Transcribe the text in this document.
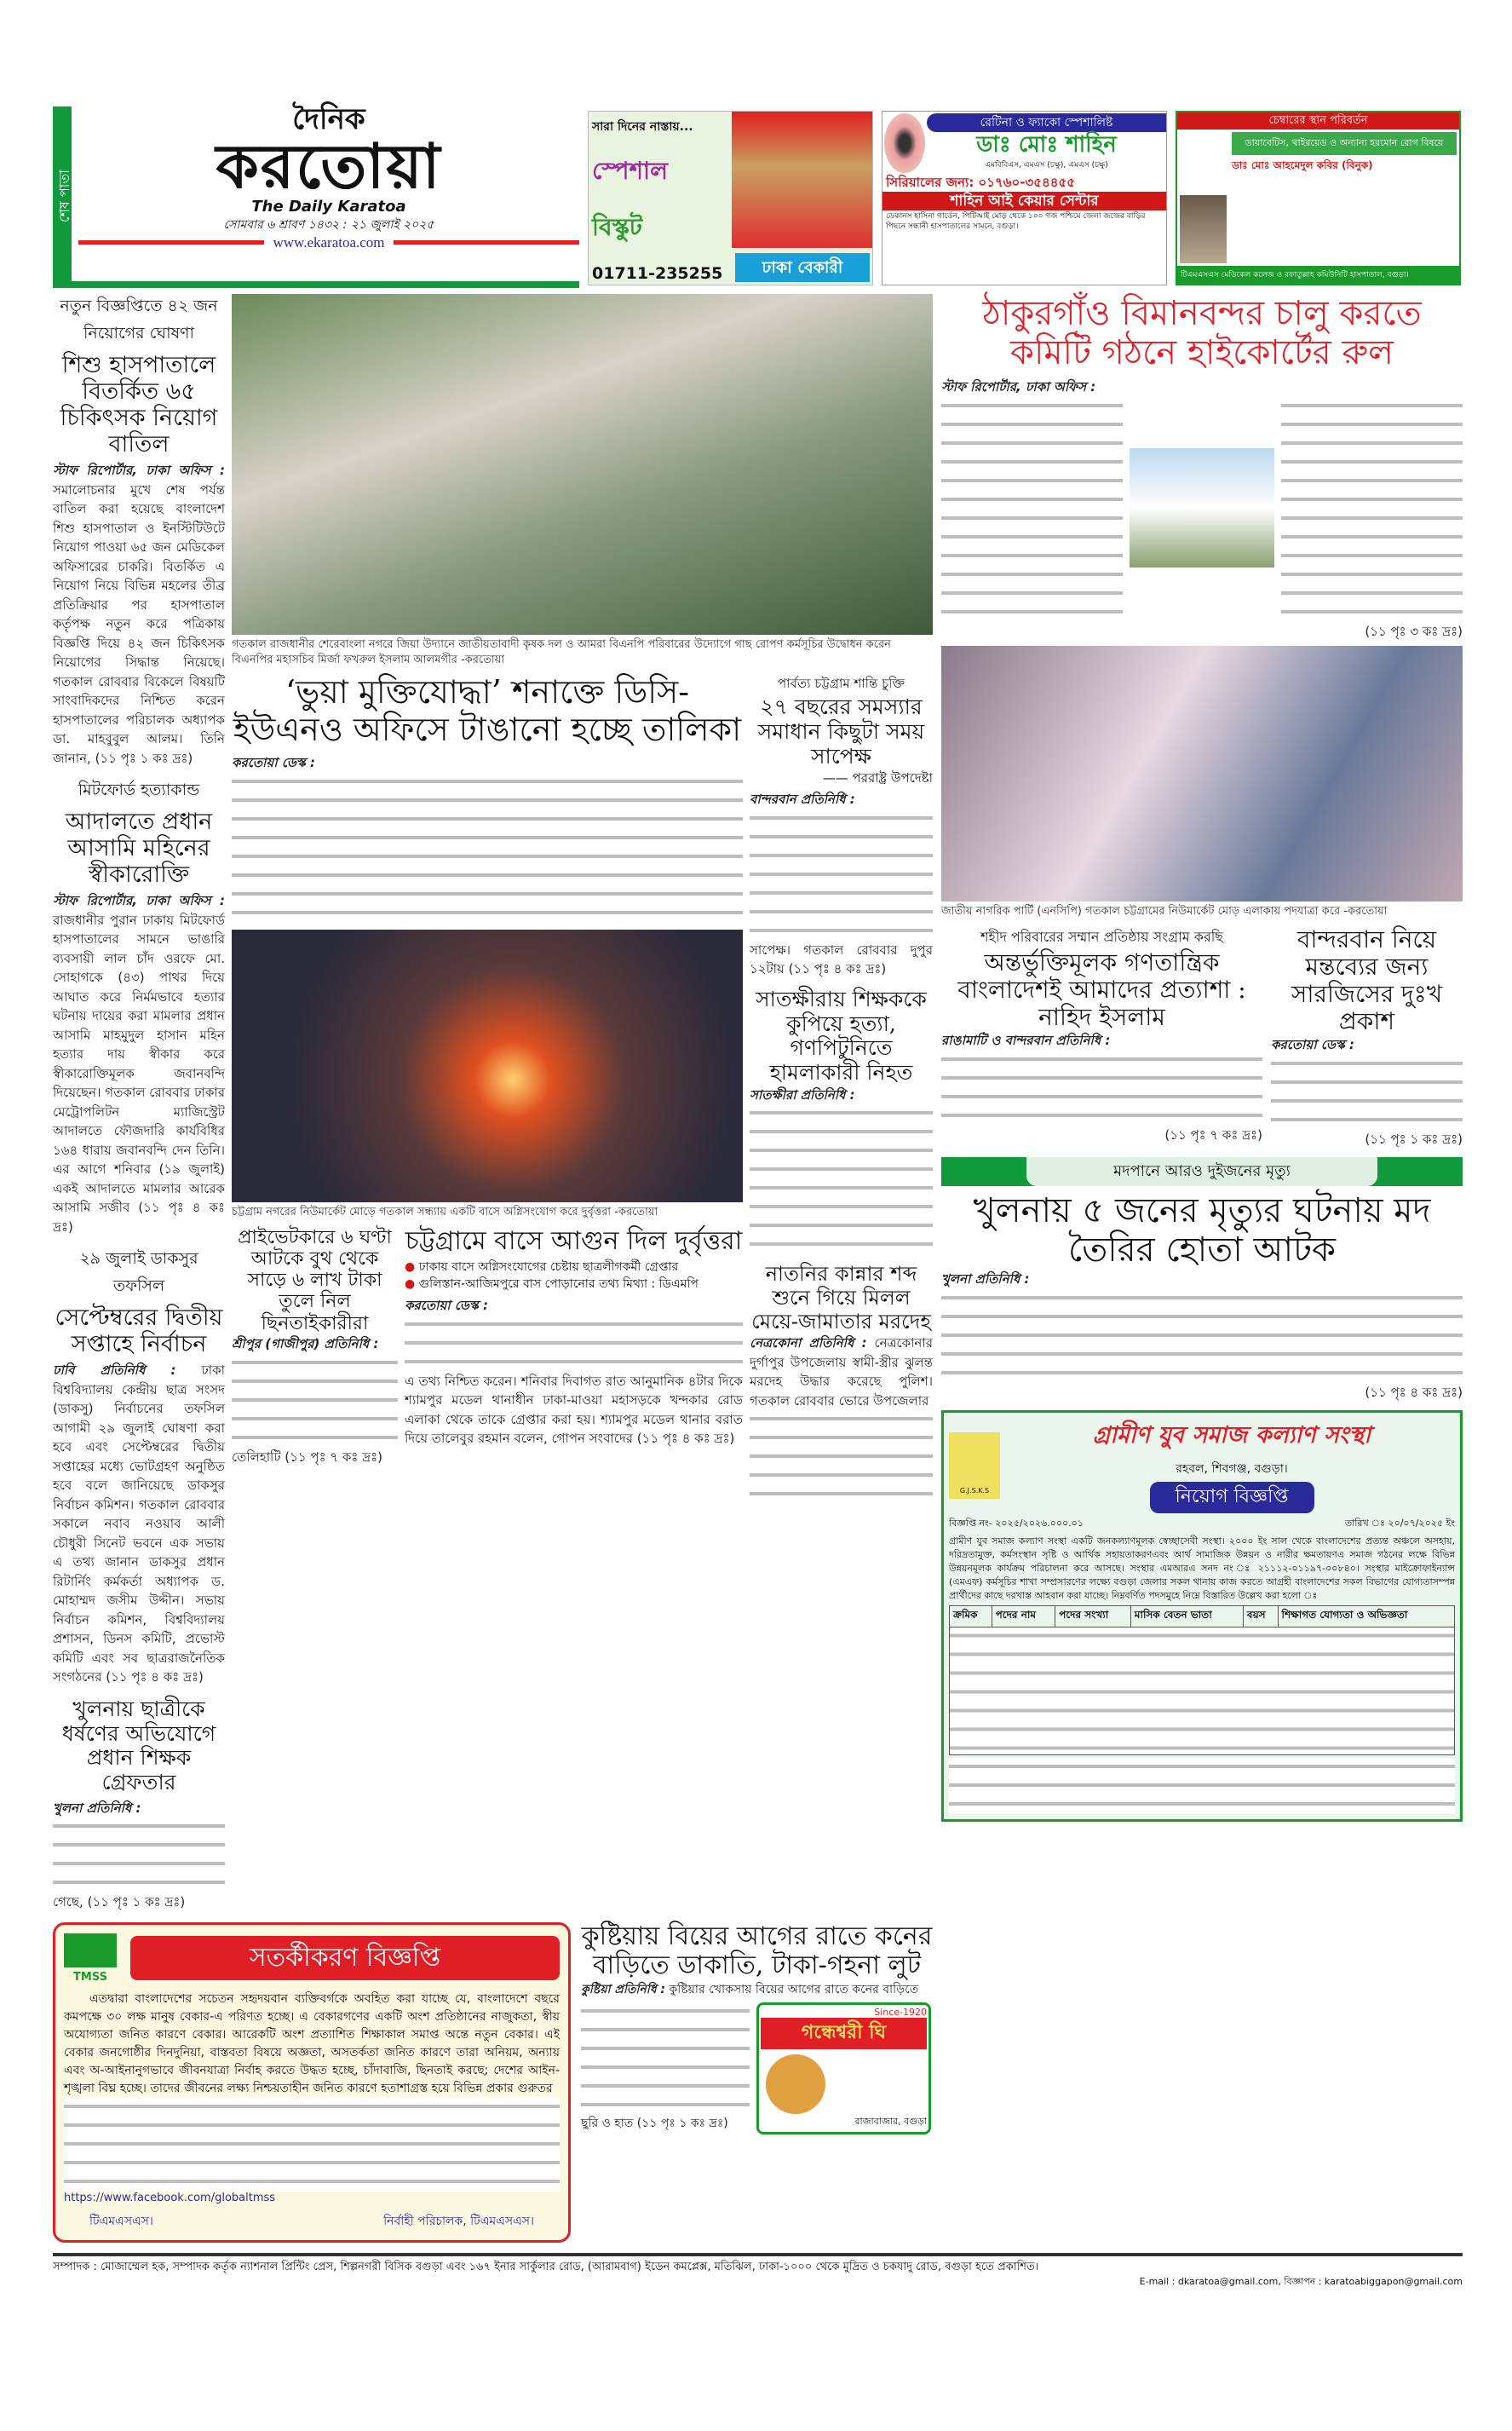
শেষ পাতা
দৈনিক
করতোয়া
The Daily Karatoa
সোমবার ৬ শ্রাবণ ১৪৩২ : ২১ জুলাই ২০২৫
www.ekaratoa.com
সারা দিনের নাস্তায়...
স্পেশাল
বিস্কুট
01711-235255	ঢাকা বেকারী
রেটিনা ও ফ্যাকো স্পেশালিষ্ট
ডাঃ মোঃ শাহিন
এমবিবিএস, এমএস (চক্ষু), এমএস (চক্ষু)
সিরিয়ালের জন্য: ০১৭৬০-৩৫৪৪৫৫
শাহিন আই কেয়ার সেন্টার
ডেকানস হাসিনা গার্ডেন, পিটিআই মোড় থেকে ১০০ গজ পশ্চিমে জেলা জজের বাড়ির পিছনে সন্ধানী হাসপাতালের সামনে, বগুড়া।
চেম্বারের স্থান পরিবর্তন
ডায়াবেটিস, থাইরয়েড ও অন্যান্য হরমোন রোগ বিষয়ে
ডাঃ মোঃ আহমেদুল কবির (বিনুক)
টিএমএসএস মেডিকেল কলেজ ও রফাতুল্লাহ কমিউনিটি হাসপাতাল, বগুড়া।
নতুন বিজ্ঞপ্তিতে ৪২ জন নিয়োগের ঘোষণা
শিশু হাসপাতালে বিতর্কিত ৬৫ চিকিৎসক নিয়োগ বাতিল
স্টাফ রিপোর্টার, ঢাকা অফিস : সমালোচনার মুখে শেষ পর্যন্ত বাতিল করা হয়েছে বাংলাদেশ শিশু হাসপাতাল ও ইনস্টিটিউটে নিয়োগ পাওয়া ৬৫ জন মেডিকেল অফিসারের চাকরি। বিতর্কিত এ নিয়োগ নিয়ে বিভিন্ন মহলের তীব্র প্রতিক্রিয়ার পর হাসপাতাল কর্তৃপক্ষ নতুন করে পত্রিকায় বিজ্ঞপ্তি দিয়ে ৪২ জন চিকিৎসক নিয়োগের সিদ্ধান্ত নিয়েছে। গতকাল রোববার বিকেলে বিষয়টি সাংবাদিকদের নিশ্চিত করেন হাসপাতালের পরিচালক অধ্যাপক ডা. মাহবুবুল আলম। তিনি জানান, (১১ পৃঃ ১ কঃ দ্রঃ)
মিটফোর্ড হত্যাকান্ড
আদালতে প্রধান আসামি মহিনের স্বীকারোক্তি
স্টাফ রিপোর্টার, ঢাকা অফিস : রাজধানীর পুরান ঢাকায় মিটফোর্ড হাসপাতালের সামনে ভাঙারি ব্যবসায়ী লাল চাঁদ ওরফে মো. সোহাগকে (৪৩) পাথর দিয়ে আঘাত করে নির্মমভাবে হত্যার ঘটনায় দায়ের করা মামলার প্রধান আসামি মাহমুদুল হাসান মহিন হত্যার দায় স্বীকার করে স্বীকারোক্তিমূলক জবানবন্দি দিয়েছেন। গতকাল রোববার ঢাকার মেট্রোপলিটন ম্যাজিস্ট্রেট আদালতে ফৌজদারি কার্যবিধির ১৬৪ ধারায় জবানবন্দি দেন তিনি। এর আগে শনিবার (১৯ জুলাই) একই আদালতে মামলার আরেক আসামি সজীব (১১ পৃঃ ৪ কঃ দ্রঃ)
২৯ জুলাই ডাকসুর তফসিল
সেপ্টেম্বরের দ্বিতীয় সপ্তাহে নির্বাচন
ঢাবি প্রতিনিধি : ঢাকা বিশ্ববিদ্যালয় কেন্দ্রীয় ছাত্র সংসদ (ডাকসু) নির্বাচনের তফসিল আগামী ২৯ জুলাই ঘোষণা করা হবে এবং সেপ্টেম্বরের দ্বিতীয় সপ্তাহের মধ্যে ভোটগ্রহণ অনুষ্ঠিত হবে বলে জানিয়েছে ডাকসুর নির্বাচন কমিশন। গতকাল রোববার সকালে নবাব নওয়াব আলী চৌধুরী সিনেট ভবনে এক সভায় এ তথ্য জানান ডাকসুর প্রধান রিটার্নিং কর্মকর্তা অধ্যাপক ড. মোহাম্মদ জসীম উদ্দীন। সভায় নির্বাচন কমিশন, বিশ্ববিদ্যালয় প্রশাসন, ডিনস কমিটি, প্রভোস্ট কমিটি এবং সব ছাত্ররাজনৈতিক সংগঠনের (১১ পৃঃ ৪ কঃ দ্রঃ)
খুলনায় ছাত্রীকে ধর্ষণের অভিযোগে প্রধান শিক্ষক গ্রেফতার
খুলনা প্রতিনিধি :
গেছে, (১১ পৃঃ ১ কঃ দ্রঃ)
গতকাল রাজধানীর শেরেবাংলা নগরে জিয়া উদ্যানে জাতীয়তাবাদী কৃষক দল ও আমরা বিএনপি পরিবারের উদ্যোগে গাছ রোপণ কর্মসূচির উদ্বোধন করেন বিএনপির মহাসচিব মির্জা ফখরুল ইসলাম আলমগীর -করতোয়া
‘ভুয়া মুক্তিযোদ্ধা’ শনাক্তে ডিসি-ইউএনও অফিসে টাঙানো হচ্ছে তালিকা
করতোয়া ডেস্ক :
চট্টগ্রাম নগরের নিউমার্কেট মোড়ে গতকাল সন্ধ্যায় একটি বাসে অগ্নিসংযোগ করে দুর্বৃত্তরা -করতোয়া
প্রাইভেটকারে ৬ ঘণ্টা আটকে বুথ থেকে সাড়ে ৬ লাখ টাকা তুলে নিল ছিনতাইকারীরা
শ্রীপুর (গাজীপুর) প্রতিনিধি :
তেলিহাটি (১১ পৃঃ ৭ কঃ দ্রঃ)
চট্টগ্রামে বাসে আগুন দিল দুর্বৃত্তরা
● ঢাকায় বাসে অগ্নিসংযোগের চেষ্টায় ছাত্রলীগকর্মী গ্রেপ্তার
● গুলিস্তান-আজিমপুরে বাস পোড়ানোর তথ্য মিথ্যা : ডিএমপি
করতোয়া ডেস্ক :
এ তথ্য নিশ্চিত করেন। শনিবার দিবাগত রাত আনুমানিক ৪টার দিকে শ্যামপুর মডেল থানাধীন ঢাকা-মাওয়া মহাসড়কে খন্দকার রোড এলাকা থেকে তাকে গ্রেপ্তার করা হয়। শ্যামপুর মডেল থানার বরাত দিয়ে তালেবুর রহমান বলেন, গোপন সংবাদের (১১ পৃঃ ৪ কঃ দ্রঃ)
পার্বত্য চট্টগ্রাম শান্তি চুক্তি
২৭ বছরের সমস্যার সমাধান কিছুটা সময় সাপেক্ষ
—— পররাষ্ট্র উপদেষ্টা
বান্দরবান প্রতিনিধি :
সাপেক্ষ। গতকাল রোববার দুপুর ১২টায় (১১ পৃঃ ৪ কঃ দ্রঃ)
সাতক্ষীরায় শিক্ষককে কুপিয়ে হত্যা, গণপিটুনিতে হামলাকারী নিহত
সাতক্ষীরা প্রতিনিধি :
নাতনির কান্নার শব্দ শুনে গিয়ে মিলল মেয়ে-জামাতার মরদেহ
নেত্রকোনা প্রতিনিধি : নেত্রকোনার দুর্গাপুর উপজেলায় স্বামী-স্ত্রীর ঝুলন্ত মরদেহ উদ্ধার করেছে পুলিশ। গতকাল রোববার ভোরে উপজেলার
TMSS
সতর্কীকরণ বিজ্ঞপ্তি
এতদ্বারা বাংলাদেশের সচেতন সহৃদয়বান ব্যক্তিবর্গকে অবহিত করা যাচ্ছে যে, বাংলাদেশে বছরে কমপক্ষে ৩০ লক্ষ মানুষ বেকার-এ পরিণত হচ্ছে। এ বেকারগণের একটি অংশ প্রতিষ্ঠানের নাজুকতা, স্বীয় অযোগ্যতা জনিত কারণে বেকার। আরেকটি অংশ প্রত্যাশিত শিক্ষাকাল সমাপ্ত অন্তে নতুন বেকার। এই বেকার জনগোষ্ঠীর দিনদুনিয়া, বাস্তবতা বিষয়ে অজ্ঞতা, অসতর্কতা জনিত কারণে তারা অনিয়ম, অন্যায় এবং অ-আইনানুগভাবে জীবনযাত্রা নির্বাহ করতে উদ্ধত হচ্ছে, চাঁদাবাজি, ছিনতাই করছে; দেশের আইন-শৃঙ্খলা বিঘ্ন হচ্ছে। তাদের জীবনের লক্ষ্য নিশ্চয়তাহীন জনিত কারণে হতাশাগ্রস্ত হয়ে বিভিন্ন প্রকার গুরুতর
https://www.facebook.com/globaltmss
টিএমএসএস।	নির্বাহী পরিচালক, টিএমএসএস।
কুষ্টিয়ায় বিয়ের আগের রাতে কনের বাড়িতে ডাকাতি, টাকা-গহনা লুট
কুষ্টিয়া প্রতিনিধি : কুষ্টিয়ার খোকসায় বিয়ের আগের রাতে কনের বাড়িতে
ছুরি ও হাত (১১ পৃঃ ১ কঃ দ্রঃ)
Since-1920
গন্ধেশ্বরী ঘি
রাজাবাজার, বগুড়া
ঠাকুরগাঁও বিমানবন্দর চালু করতে কমিটি গঠনে হাইকোর্টের রুল
স্টাফ রিপোর্টার, ঢাকা অফিস :
(১১ পৃঃ ৩ কঃ দ্রঃ)
জাতীয় নাগরিক পার্টি (এনসিপি) গতকাল চট্টগ্রামের নিউমার্কেট মোড় এলাকায় পদযাত্রা করে -করতোয়া
শহীদ পরিবারের সম্মান প্রতিষ্ঠায় সংগ্রাম করছি
অন্তর্ভুক্তিমূলক গণতান্ত্রিক বাংলাদেশই আমাদের প্রত্যাশা : নাহিদ ইসলাম
রাঙামাটি ও বান্দরবান প্রতিনিধি :
(১১ পৃঃ ৭ কঃ দ্রঃ)
বান্দরবান নিয়ে মন্তব্যের জন্য সারজিসের দুঃখ প্রকাশ
করতোয়া ডেস্ক :
(১১ পৃঃ ১ কঃ দ্রঃ)
মদপানে আরও দুইজনের মৃত্যু
খুলনায় ৫ জনের মৃত্যুর ঘটনায় মদ তৈরির হোতা আটক
খুলনা প্রতিনিধি :
(১১ পৃঃ ৪ কঃ দ্রঃ)
G.J.S.K.S
গ্রামীণ যুব সমাজ কল্যাণ সংস্থা
রহবল, শিবগঞ্জ, বগুড়া।
নিয়োগ বিজ্ঞপ্তি
বিজ্ঞপ্তি নং- ২০২৫/২০২৬.০০০.০১	তারিখ ঃ ২০/০৭/২০২৫ ইং
গ্রামীণ যুব সমাজ কল্যাণ সংস্থা একটি জনকল্যাণমূলক স্বেচ্ছাসেবী সংস্থা। ২০০০ ইং সাল থেকে বাংলাদেশের প্রত্যন্ত অঞ্চলে অসহায়, দরিদ্রতামুক্ত, কর্মসংস্থান সৃষ্টি ও আর্থিক সহায়তাকরণএবং আর্থ সামাজিক উন্নয়ন ও নারীর ক্ষমতায়ণএ সমাজ গঠনের লক্ষে বিভিন্ন উন্নয়নমূলক কার্যক্রম পরিচালনা করে আসছে। সংস্থার এমআরএ সনদ নং ঃ ২১১১২-০১১৯৭-০০৮৪০। সংস্থার মাইক্রোফাইন্যান্স (এমএফ) কর্মসূচির শাখা সম্প্রসারণের লক্ষ্যে বগুড়া জেলার সকল থানায় কাজ করতে আগ্রহী বাংলাদেশের সকল বিভাগের যোগ্যতাসম্পন্ন প্রার্থীদের কাছে দরখাস্ত আহবান করা যাচ্ছে। নিম্নবর্ণিত পদসমুহে নিম্নে বিস্তারিত উল্লেখ করা হলো ঃ
ক্রমিক	পদের নাম	পদের সংখ্যা	মাসিক বেতন ভাতা	বয়স	শিক্ষাগত যোগ্যতা ও অভিজ্ঞতা

সম্পাদক : মোজাম্মেল হক, সম্পাদক কর্তৃক ন্যাশনাল প্রিন্টিং প্রেস, শিল্পনগরী বিসিক বগুড়া এবং ১৬৭ ইনার সার্কুলার রোড, (আরামবাগ) ইডেন কমপ্লেক্স, মতিঝিল, ঢাকা-১০০০ থেকে মুদ্রিত ও চকযাদু রোড, বগুড়া হতে প্রকাশিত।
E-mail : dkaratoa@gmail.com, বিজ্ঞাপন : karatoabiggapon@gmail.com
